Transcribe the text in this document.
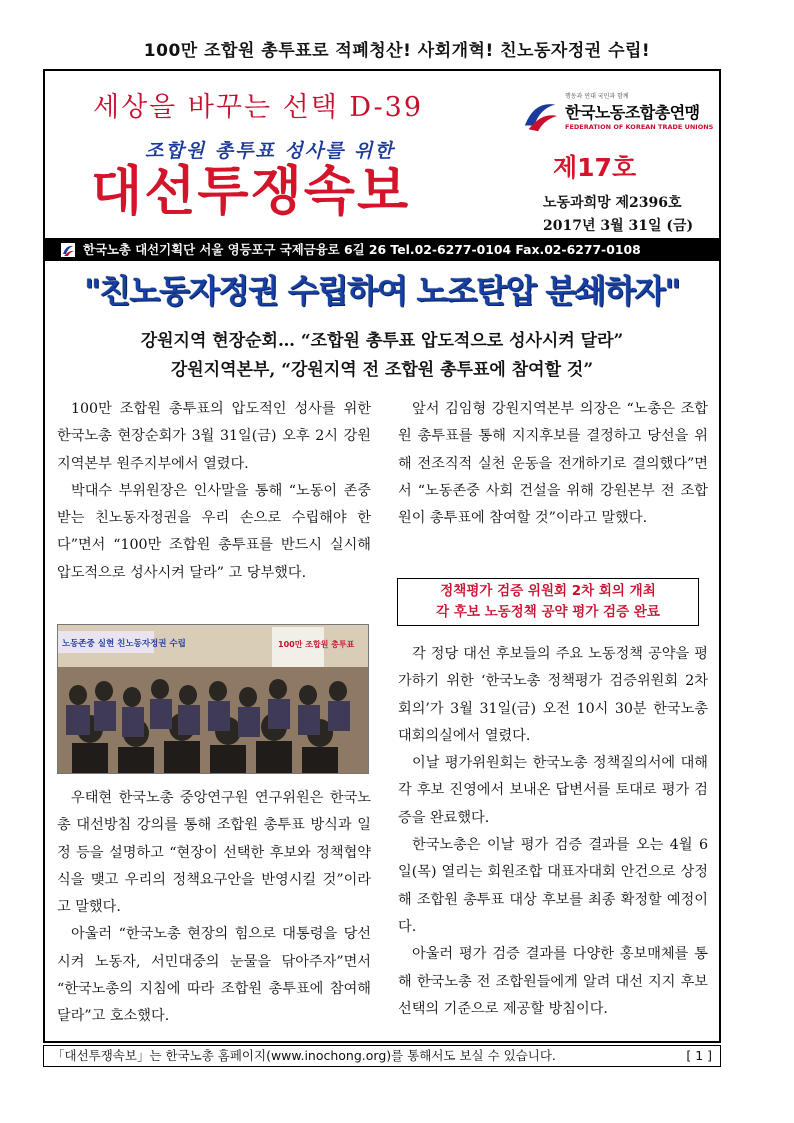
100만 조합원 총투표로 적폐청산! 사회개혁! 친노동자정권 수립!
세상을 바꾸는 선택 D-39	행동과 연대 국민과 함께
한국노동조합총연맹
FEDERATION OF KOREAN TRADE UNIONS
조합원 총투표 성사를 위한
대선투쟁속보	제17호
노동과희망 제2396호
2017년 3월 31일 (금)
한국노총 대선기획단 서울 영등포구 국제금융로 6길 26 Tel.02-6277-0104 Fax.02-6277-0108
"친노동자정권 수립하여 노조탄압 분쇄하자"
강원지역 현장순회… “조합원 총투표 압도적으로 성사시켜 달라”
강원지역본부, “강원지역 전 조합원 총투표에 참여할 것”

100만 조합원 총투표의 압도적인 성사를 위한 한국노총 현장순회가 3월 31일(금) 오후 2시 강원지역본부 원주지부에서 열렸다.

박대수 부위원장은 인사말을 통해 “노동이 존중받는 친노동자정권을 우리 손으로 수립해야 한다”면서 “100만 조합원 총투표를 반드시 실시해 압도적으로 성사시켜 달라” 고 당부했다.

노동존중 실현 친노동자정권 수립	100만 조합원 총투표

우태현 한국노총 중앙연구원 연구위원은 한국노총 대선방침 강의를 통해 조합원 총투표 방식과 일정 등을 설명하고 “현장이 선택한 후보와 정책협약식을 맺고 우리의 정책요구안을 반영시킬 것”이라고 말했다.

아울러 “한국노총 현장의 힘으로 대통령을 당선시켜 노동자, 서민대중의 눈물을 닦아주자”면서 “한국노총의 지침에 따라 조합원 총투표에 참여해 달라”고 호소했다.

앞서 김임형 강원지역본부 의장은 “노총은 조합원 총투표를 통해 지지후보를 결정하고 당선을 위해 전조직적 실천 운동을 전개하기로 결의했다”면서 “노동존중 사회 건설을 위해 강원본부 전 조합원이 총투표에 참여할 것”이라고 말했다.

정책평가 검증 위원회 2차 회의 개최
각 후보 노동정책 공약 평가 검증 완료

각 정당 대선 후보들의 주요 노동정책 공약을 평가하기 위한 ‘한국노총 정책평가 검증위원회 2차 회의’가 3월 31일(금) 오전 10시 30분 한국노총 대회의실에서 열렸다.

이날 평가위원회는 한국노총 정책질의서에 대해 각 후보 진영에서 보내온 답변서를 토대로 평가 검증을 완료했다.

한국노총은 이날 평가 검증 결과를 오는 4월 6일(목) 열리는 회원조합 대표자대회 안건으로 상정해 조합원 총투표 대상 후보를 최종 확정할 예정이다.

아울러 평가 검증 결과를 다양한 홍보매체를 통해 한국노총 전 조합원들에게 알려 대선 지지 후보 선택의 기준으로 제공할 방침이다.

「대선투쟁속보」는 한국노총 홈페이지(www.inochong.org)를 통해서도 보실 수 있습니다.	[ 1 ]
